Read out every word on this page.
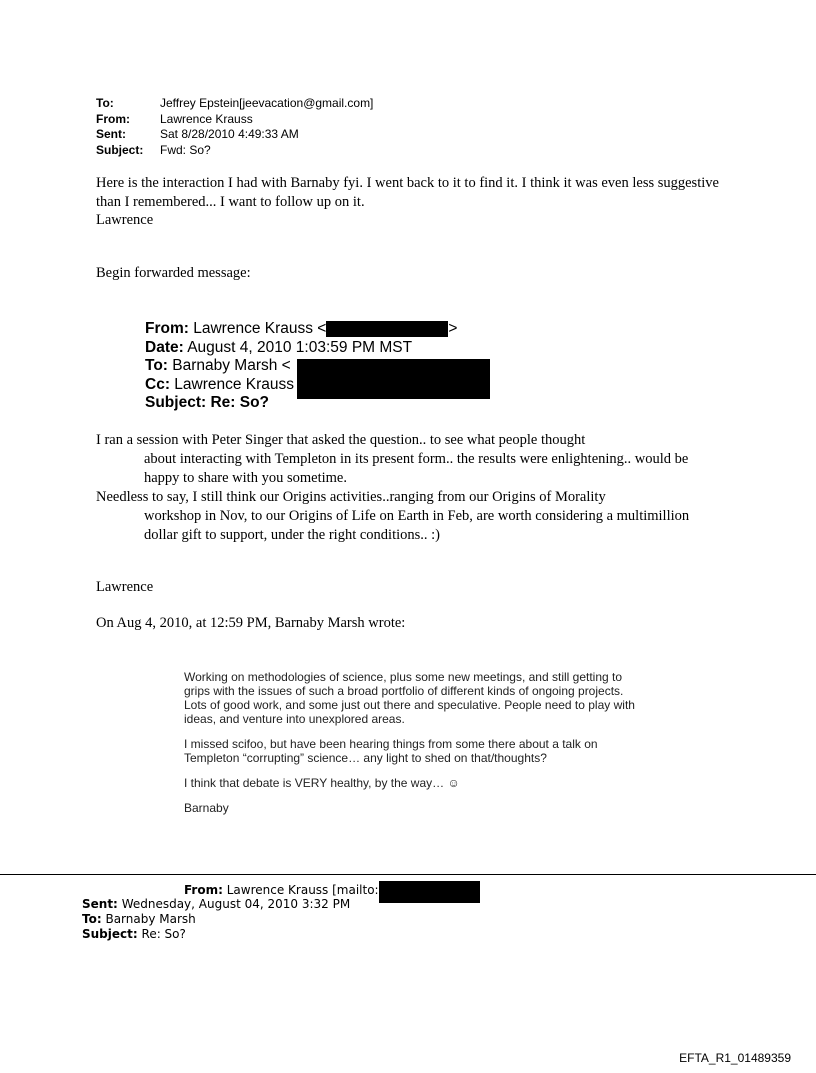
To:	Jeffrey Epstein[jeevacation@gmail.com]
From:	Lawrence Krauss
Sent:	Sat 8/28/2010 4:49:33 AM
Subject:	Fwd: So?
Here is the interaction I had with Barnaby fyi. I went back to it to find it. I think it was even less suggestive than I remembered... I want to follow up on it.
Lawrence
Begin forwarded message:
From: Lawrence Krauss <	>
Date: August 4, 2010 1:03:59 PM MST
To: Barnaby Marsh <
Cc: Lawrence Krauss
Subject: Re: So?
I ran a session with Peter Singer that asked the question.. to see what people thought
about interacting with Templeton in its present form.. the results were enlightening.. would be happy to share with you sometime.
Needless to say, I still think our Origins activities..ranging from our Origins of Morality
workshop in Nov, to our Origins of Life on Earth in Feb, are worth considering a multimillion dollar gift to support, under the right conditions.. :)
Lawrence
On Aug 4, 2010, at 12:59 PM, Barnaby Marsh wrote:

Working on methodologies of science, plus some new meetings, and still getting to grips with the issues of such a broad portfolio of different kinds of ongoing projects. Lots of good work, and some just out there and speculative. People need to play with ideas, and venture into unexplored areas.

I missed scifoo, but have been hearing things from some there about a talk on Templeton “corrupting” science… any light to shed on that/thoughts?

I think that debate is VERY healthy, by the way… ☺

Barnaby

From: Lawrence Krauss [mailto:
Sent: Wednesday, August 04, 2010 3:32 PM
To: Barnaby Marsh
Subject: Re: So?
EFTA_R1_01489359
